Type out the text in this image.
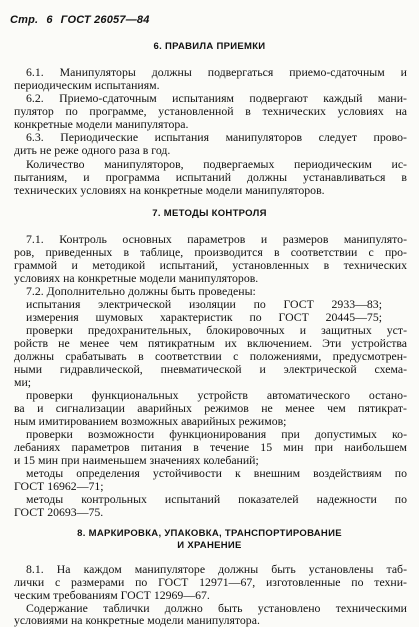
Стр. 6 ГОСТ 26057—84
6. ПРАВИЛА ПРИЕМКИ
6.1. Манипуляторы должны подвергаться приемо-сдаточным и
периодическим испытаниям.
6.2. Приемо-сдаточным испытаниям подвергают каждый мани-
пулятор по программе, установленной в технических условиях на
конкретные модели манипулятора.
6.3. Периодические испытания манипуляторов следует прово-
дить не реже одного раза в год.
Количество манипуляторов, подвергаемых периодическим ис-
пытаниям, и программа испытаний должны устанавливаться в
технических условиях на конкретные модели манипуляторов.
7. МЕТОДЫ КОНТРОЛЯ
7.1. Контроль основных параметров и размеров манипулято-
ров, приведенных в таблице, производится в соответствии с про-
граммой и методикой испытаний, установленных в технических
условиях на конкретные модели манипуляторов.
7.2. Дополнительно должны быть проведены:
испытания электрической изоляции по ГОСТ 2933—83;
измерения шумовых характеристик по ГОСТ 20445—75;
проверки предохранительных, блокировочных и защитных уст-
ройств не менее чем пятикратным их включением. Эти устройства
должны срабатывать в соответствии с положениями, предусмотрен-
ными гидравлической, пневматической и электрической схема-
ми;
проверки функциональных устройств автоматического остано-
ва и сигнализации аварийных режимов не менее чем пятикрат-
ным имитированием возможных аварийных режимов;
проверки возможности функционирования при допустимых ко-
лебаниях параметров питания в течение 15 мин при наибольшем
и 15 мин при наименьшем значениях колебаний;
методы определения устойчивости к внешним воздействиям по
ГОСТ 16962—71;
методы контрольных испытаний показателей надежности по
ГОСТ 20693—75.
8. МАРКИРОВКА, УПАКОВКА, ТРАНСПОРТИРОВАНИЕ
И ХРАНЕНИЕ
8.1. На каждом манипуляторе должны быть установлены таб-
лички с размерами по ГОСТ 12971—67, изготовленные по техни-
ческим требованиям ГОСТ 12969—67.
Содержание таблички должно быть установлено техническими
условиями на конкретные модели манипулятора.
